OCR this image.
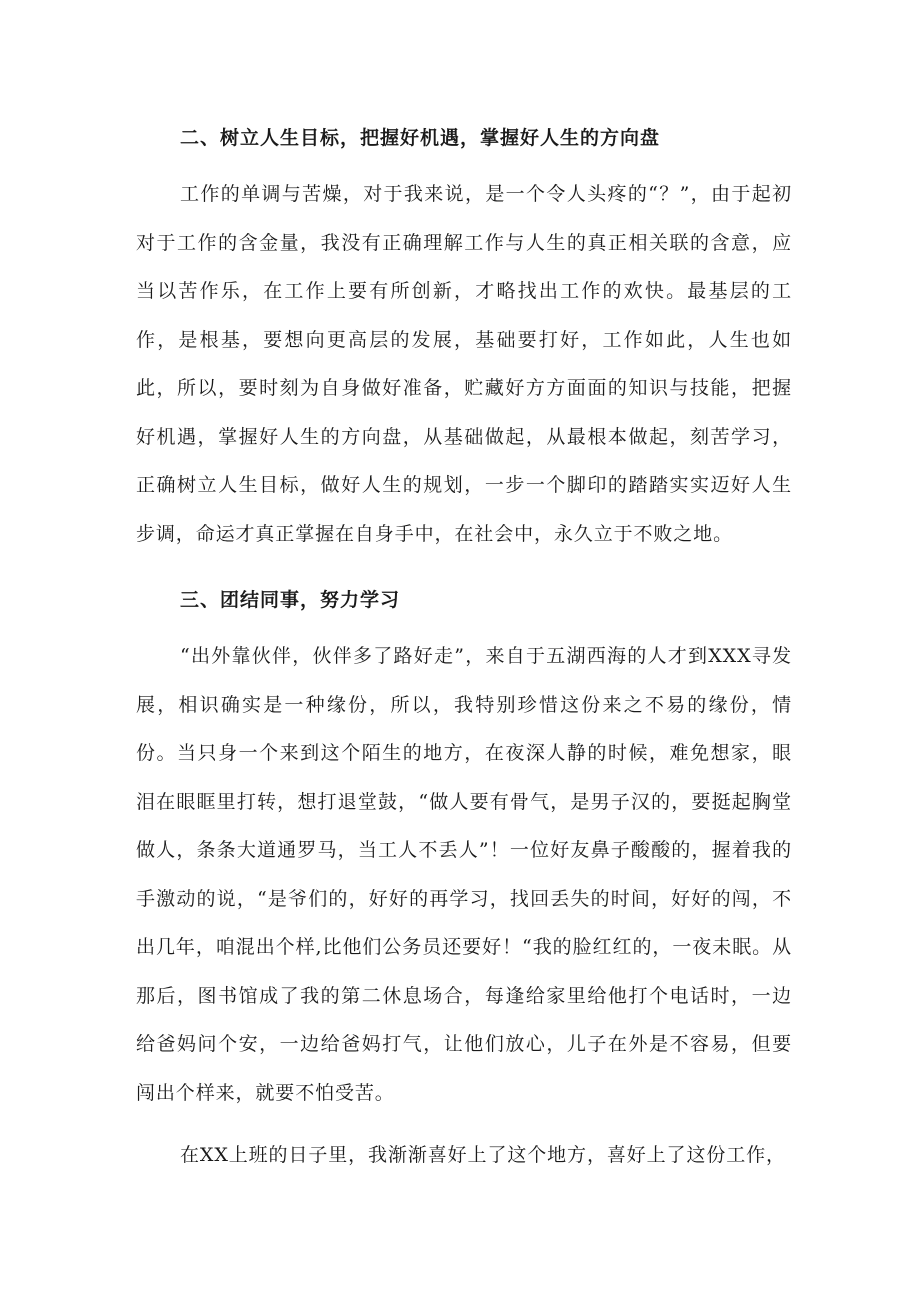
二、树立人生目标，把握好机遇，掌握好人生的方向盘

工作的单调与苦燥，对于我来说，是一个令人头疼的“？”，由于起初对于工作的含金量，我没有正确理解工作与人生的真正相关联的含意，应当以苦作乐，在工作上要有所创新，才略找出工作的欢快。最基层的工作，是根基，要想向更高层的发展，基础要打好，工作如此，人生也如此，所以，要时刻为自身做好准备，贮藏好方方面面的知识与技能，把握好机遇，掌握好人生的方向盘，从基础做起，从最根本做起，刻苦学习，正确树立人生目标，做好人生的规划，一步一个脚印的踏踏实实迈好人生步调，命运才真正掌握在自身手中，在社会中，永久立于不败之地。

三、团结同事，努力学习

“出外靠伙伴，伙伴多了路好走”，来自于五湖西海的人才到XXX寻发展，相识确实是一种缘份，所以，我特别珍惜这份来之不易的缘份，情份。当只身一个来到这个陌生的地方，在夜深人静的时候，难免想家，眼泪在眼眶里打转，想打退堂鼓，“做人要有骨气，是男子汉的，要挺起胸堂做人，条条大道通罗马，当工人不丢人”！一位好友鼻子酸酸的，握着我的手激动的说，“是爷们的，好好的再学习，找回丢失的时间，好好的闯，不出几年，咱混出个样,比他们公务员还要好！“我的脸红红的，一夜未眠。从那后，图书馆成了我的第二休息场合，每逢给家里给他打个电话时，一边给爸妈问个安，一边给爸妈打气，让他们放心，儿子在外是不容易，但要闯出个样来，就要不怕受苦。

在XX上班的日子里，我渐渐喜好上了这个地方，喜好上了这份工作，
